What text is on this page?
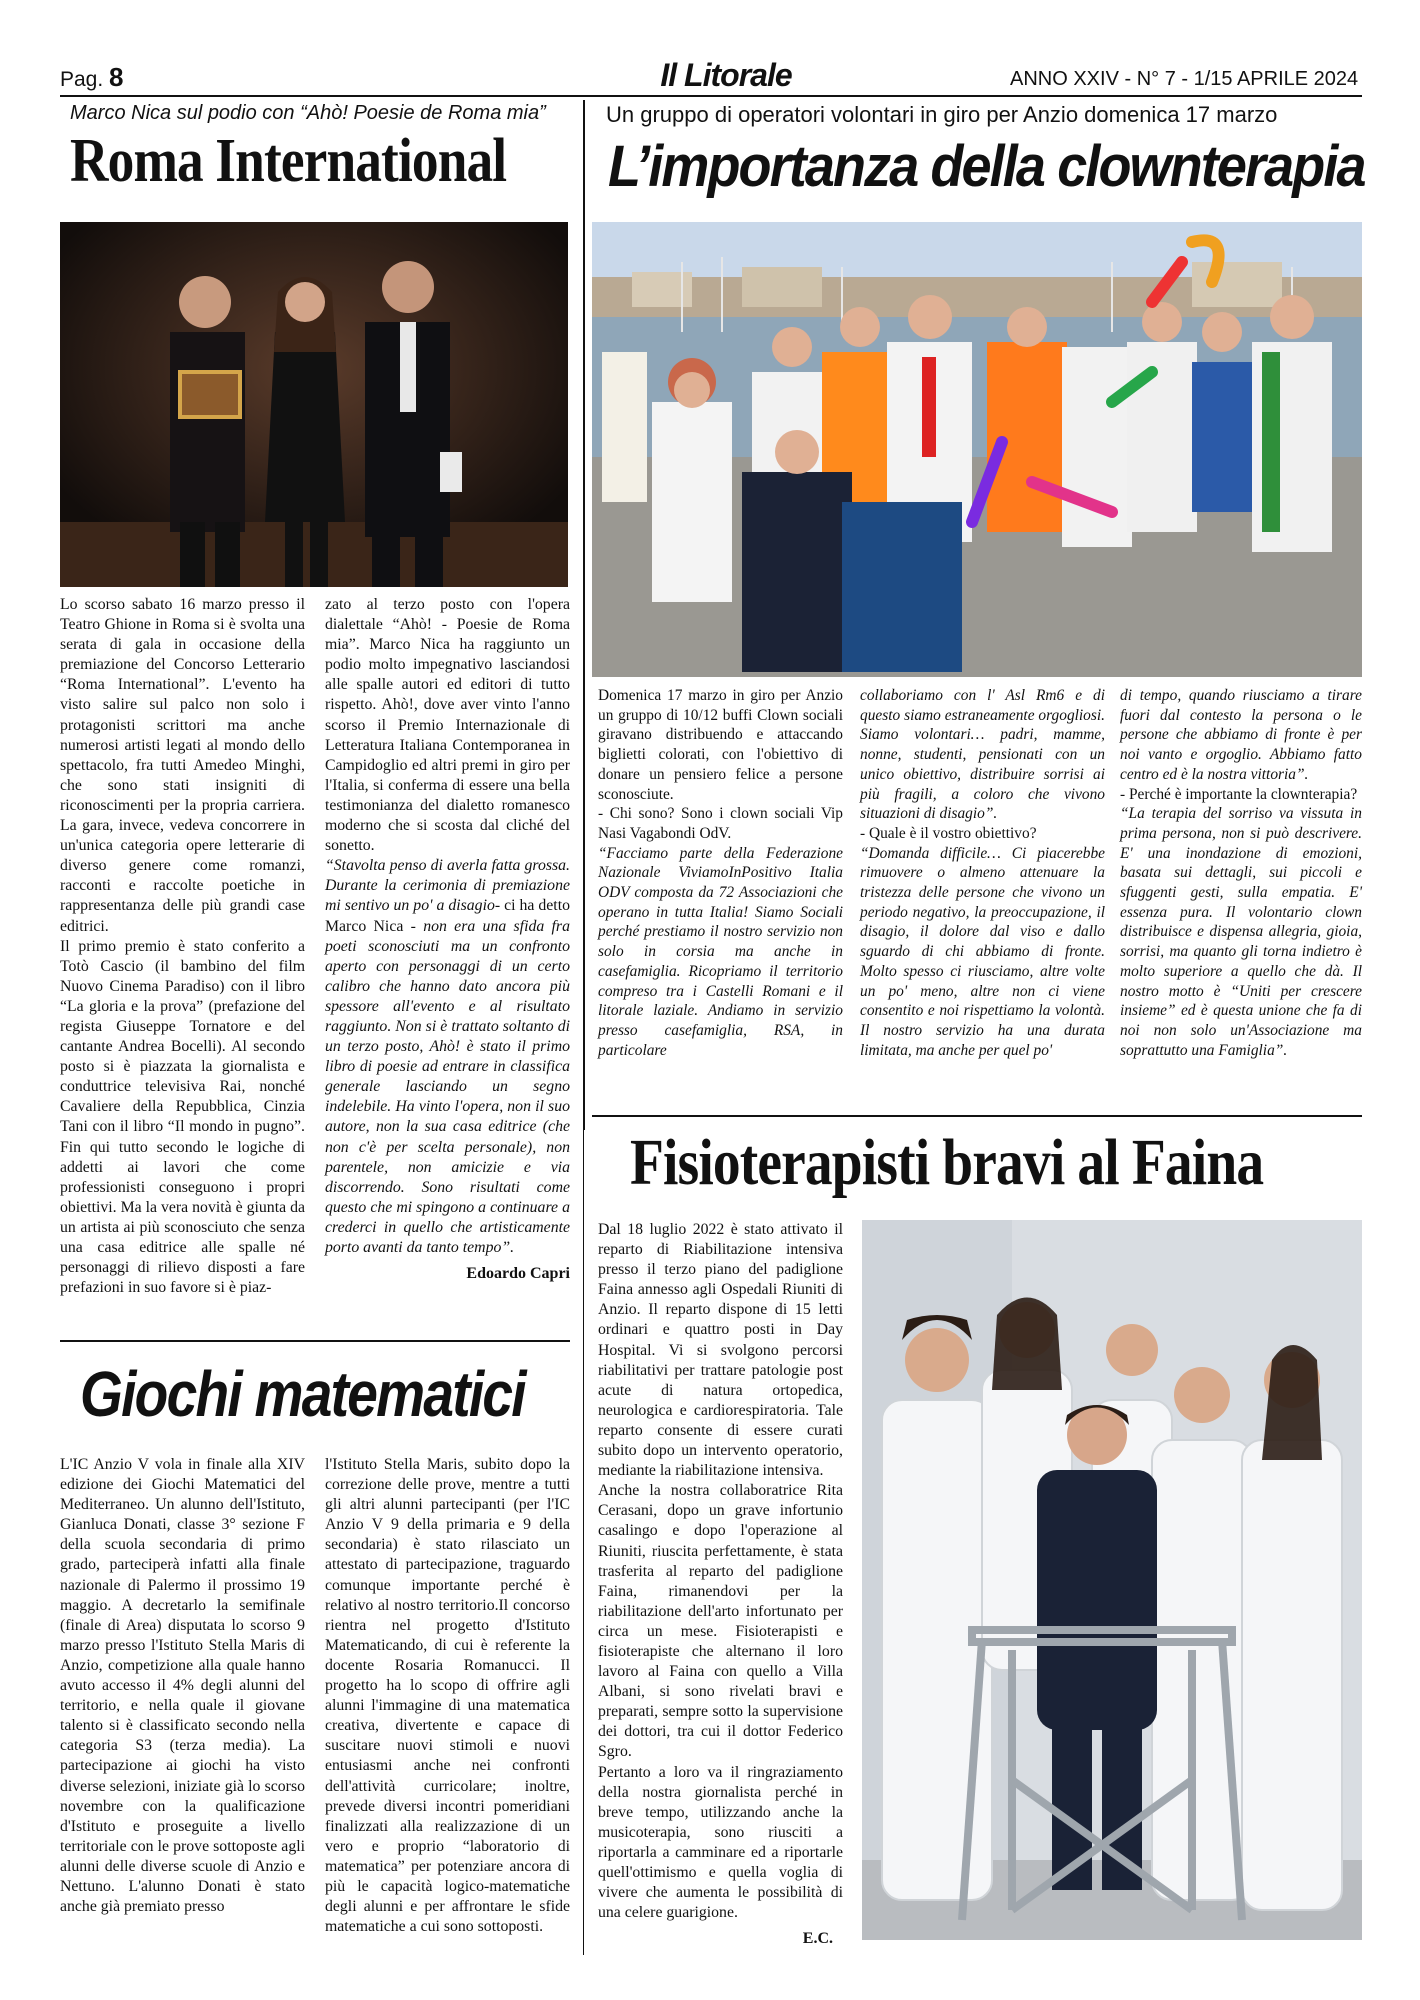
Pag. 8	Il Litorale	ANNO XXIV - N° 7 - 1/15 APRILE 2024
Marco Nica sul podio con “Ahò! Poesie de Roma mia”
Roma International

Lo scorso sabato 16 marzo presso il Teatro Ghione in Roma si è svolta una serata di gala in occasione della premiazione del Concorso Letterario “Roma International”. L'evento ha visto salire sul palco non solo i protagonisti scrittori ma anche numerosi artisti legati al mondo dello spettacolo, fra tutti Amedeo Minghi, che sono stati insigniti di riconoscimenti per la propria carriera. La gara, invece, vedeva concorrere in un'unica categoria opere letterarie di diverso genere come romanzi, racconti e raccolte poetiche in rappresentanza delle più grandi case editrici.

Il primo premio è stato conferito a Totò Cascio (il bambino del film Nuovo Cinema Paradiso) con il libro “La gloria e la prova” (prefazione del regista Giuseppe Tornatore e del cantante Andrea Bocelli). Al secondo posto si è piazzata la giornalista e conduttrice televisiva Rai, nonché Cavaliere della Repubblica, Cinzia Tani con il libro “Il mondo in pugno”. Fin qui tutto secondo le logiche di addetti ai lavori che come professionisti conseguono i propri obiettivi. Ma la vera novità è giunta da un artista ai più sconosciuto che senza una casa editrice alle spalle né personaggi di rilievo disposti a fare prefazioni in suo favore si è piaz-

zato al terzo posto con l'opera dialettale “Ahò! - Poesie de Roma mia”. Marco Nica ha raggiunto un podio molto impegnativo lasciandosi alle spalle autori ed editori di tutto rispetto. Ahò!, dove aver vinto l'anno scorso il Premio Internazionale di Letteratura Italiana Contemporanea in Campidoglio ed altri premi in giro per l'Italia, si conferma di essere una bella testimonianza del dialetto romanesco moderno che si scosta dal cliché del sonetto.

“Stavolta penso di averla fatta grossa. Durante la cerimonia di premiazione mi sentivo un po' a disagio- ci ha detto Marco Nica - non era una sfida fra poeti sconosciuti ma un confronto aperto con personaggi di un certo calibro che hanno dato ancora più spessore all'evento e al risultato raggiunto. Non si è trattato soltanto di un terzo posto, Ahò! è stato il primo libro di poesie ad entrare in classifica generale lasciando un segno indelebile. Ha vinto l'opera, non il suo autore, non la sua casa editrice (che non c'è per scelta personale), non parentele, non amicizie e via discorrendo. Sono risultati come questo che mi spingono a continuare a crederci in quello che artisticamente porto avanti da tanto tempo”.

Edoardo Capri
Giochi matematici

L'IC Anzio V vola in finale alla XIV edizione dei Giochi Matematici del Mediterraneo. Un alunno dell'Istituto, Gianluca Donati, classe 3° sezione F della scuola secondaria di primo grado, parteciperà infatti alla finale nazionale di Palermo il prossimo 19 maggio. A decretarlo la semifinale (finale di Area) disputata lo scorso 9 marzo presso l'Istituto Stella Maris di Anzio, competizione alla quale hanno avuto accesso il 4% degli alunni del territorio, e nella quale il giovane talento si è classificato secondo nella categoria S3 (terza media). La partecipazione ai giochi ha visto diverse selezioni, iniziate già lo scorso novembre con la qualificazione d'Istituto e proseguite a livello territoriale con le prove sottoposte agli alunni delle diverse scuole di Anzio e Nettuno. L'alunno Donati è stato anche già premiato presso

l'Istituto Stella Maris, subito dopo la correzione delle prove, mentre a tutti gli altri alunni partecipanti (per l'IC Anzio V 9 della primaria e 9 della secondaria) è stato rilasciato un attestato di partecipazione, traguardo comunque importante perché è relativo al nostro territorio.Il concorso rientra nel progetto d'Istituto Matematicando, di cui è referente la docente Rosaria Romanucci. Il progetto ha lo scopo di offrire agli alunni l'immagine di una matematica creativa, divertente e capace di suscitare nuovi stimoli e nuovi entusiasmi anche nei confronti dell'attività curricolare; inoltre, prevede diversi incontri pomeridiani finalizzati alla realizzazione di un vero e proprio “laboratorio di matematica” per potenziare ancora di più le capacità logico-matematiche degli alunni e per affrontare le sfide matematiche a cui sono sottoposti.

Un gruppo di operatori volontari in giro per Anzio domenica 17 marzo
L’importanza della clownterapia

Domenica 17 marzo in giro per Anzio un gruppo di 10/12 buffi Clown sociali giravano distribuendo e attaccando biglietti colorati, con l'obiettivo di donare un pensiero felice a persone sconosciute.

- Chi sono? Sono i clown sociali Vip Nasi Vagabondi OdV.

“Facciamo parte della Federazione Nazionale ViviamoInPositivo Italia ODV composta da 72 Associazioni che operano in tutta Italia! Siamo Sociali perché prestiamo il nostro servizio non solo in corsia ma anche in casefamiglia. Ricopriamo il territorio compreso tra i Castelli Romani e il litorale laziale. Andiamo in servizio presso casefamiglia, RSA, in particolare

collaboriamo con l' Asl Rm6 e di questo siamo estraneamente orgogliosi. Siamo volontari… padri, mamme, nonne, studenti, pensionati con un unico obiettivo, distribuire sorrisi ai più fragili, a coloro che vivono situazioni di disagio”.

- Quale è il vostro obiettivo?

“Domanda difficile… Ci piacerebbe rimuovere o almeno attenuare la tristezza delle persone che vivono un periodo negativo, la preoccupazione, il disagio, il dolore dal viso e dallo sguardo di chi abbiamo di fronte. Molto spesso ci riusciamo, altre volte un po' meno, altre non ci viene consentito e noi rispettiamo la volontà. Il nostro servizio ha una durata limitata, ma anche per quel po'

di tempo, quando riusciamo a tirare fuori dal contesto la persona o le persone che abbiamo di fronte è per noi vanto e orgoglio. Abbiamo fatto centro ed è la nostra vittoria”.

- Perché è importante la clownterapia?

“La terapia del sorriso va vissuta in prima persona, non si può descrivere. E' una inondazione di emozioni, basata sui dettagli, sui piccoli e sfuggenti gesti, sulla empatia. E' essenza pura. Il volontario clown distribuisce e dispensa allegria, gioia, sorrisi, ma quanto gli torna indietro è molto superiore a quello che dà. Il nostro motto è “Uniti per crescere insieme” ed è questa unione che fa di noi non solo un'Associazione ma soprattutto una Famiglia”.

Fisioterapisti bravi al Faina

Dal 18 luglio 2022 è stato attivato il reparto di Riabilitazione intensiva presso il terzo piano del padiglione Faina annesso agli Ospedali Riuniti di Anzio. Il reparto dispone di 15 letti ordinari e quattro posti in Day Hospital. Vi si svolgono percorsi riabilitativi per trattare patologie post acute di natura ortopedica, neurologica e cardiorespiratoria. Tale reparto consente di essere curati subito dopo un intervento operatorio, mediante la riabilitazione intensiva.

Anche la nostra collaboratrice Rita Cerasani, dopo un grave infortunio casalingo e dopo l'operazione al Riuniti, riuscita perfettamente, è stata trasferita al reparto del padiglione Faina, rimanendovi per la riabilitazione dell'arto infortunato per circa un mese. Fisioterapisti e fisioterapiste che alternano il loro lavoro al Faina con quello a Villa Albani, si sono rivelati bravi e preparati, sempre sotto la supervisione dei dottori, tra cui il dottor Federico Sgro.

Pertanto a loro va il ringraziamento della nostra giornalista perché in breve tempo, utilizzando anche la musicoterapia, sono riusciti a riportarla a camminare ed a riportarle quell'ottimismo e quella voglia di vivere che aumenta le possibilità di una celere guarigione.

E.C.
